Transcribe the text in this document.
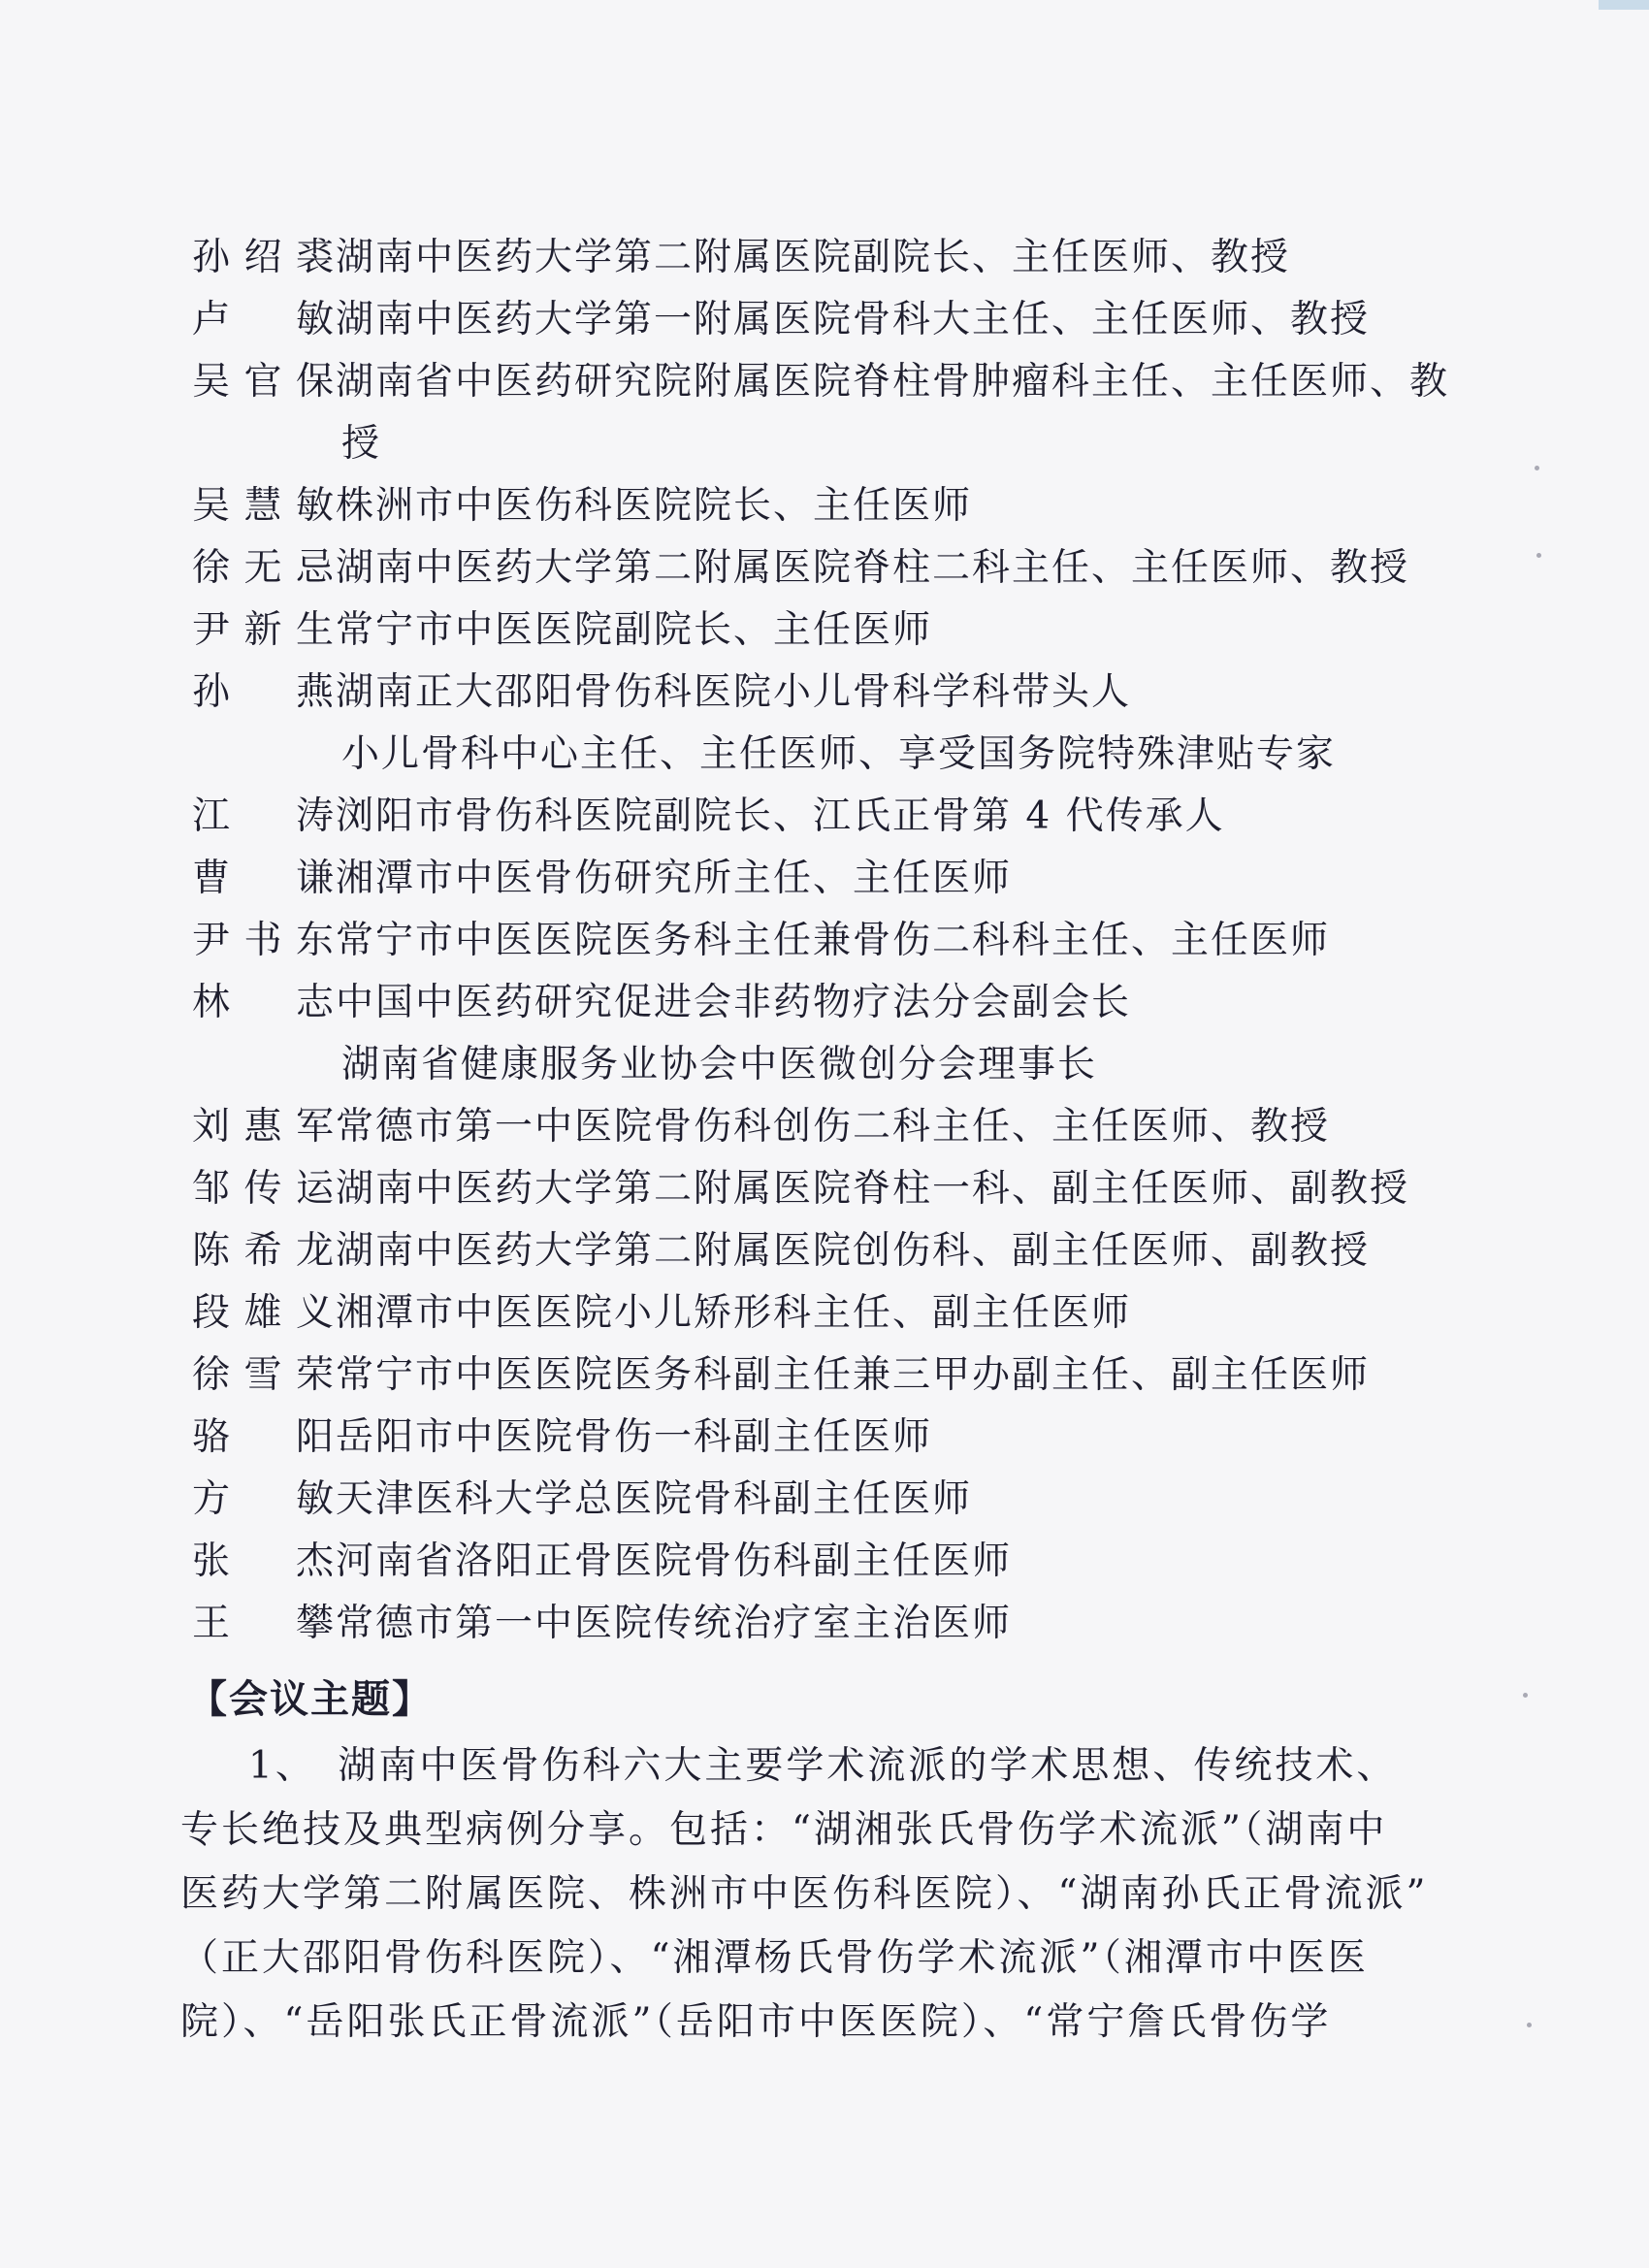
孙 绍 裘 湖南中医药大学第二附属医院副院长、主任医师、教授
卢 敏 湖南中医药大学第一附属医院骨科大主任、主任医师、教授
吴 官 保 湖南省中医药研究院附属医院脊柱骨肿瘤科主任、主任医师、教
授
吴 慧 敏 株洲市中医伤科医院院长、主任医师
徐 无 忌 湖南中医药大学第二附属医院脊柱二科主任、主任医师、教授
尹 新 生 常宁市中医医院副院长、主任医师
孙 燕 湖南正大邵阳骨伤科医院小儿骨科学科带头人
小儿骨科中心主任、主任医师、享受国务院特殊津贴专家
江 涛 浏阳市骨伤科医院副院长、江氏正骨第 4 代传承人
曹 谦 湘潭市中医骨伤研究所主任、主任医师
尹 书 东 常宁市中医医院医务科主任兼骨伤二科科主任、主任医师
林 志 中国中医药研究促进会非药物疗法分会副会长
湖南省健康服务业协会中医微创分会理事长
刘 惠 军 常德市第一中医院骨伤科创伤二科主任、主任医师、教授
邹 传 运 湖南中医药大学第二附属医院脊柱一科、副主任医师、副教授
陈 希 龙 湖南中医药大学第二附属医院创伤科、副主任医师、副教授
段 雄 义 湘潭市中医医院小儿矫形科主任、副主任医师
徐 雪 荣 常宁市中医医院医务科副主任兼三甲办副主任、副主任医师
骆 阳 岳阳市中医院骨伤一科副主任医师
方 敏 天津医科大学总医院骨科副主任医师
张 杰 河南省洛阳正骨医院骨伤科副主任医师
王 攀 常德市第一中医院传统治疗室主治医师
【会议主题】
1、　湖南中医骨伤科六大主要学术流派的学术思想、传统技术、
专长绝技及典型病例分享。包括：“湖湘张氏骨伤学术流派”（湖南中
医药大学第二附属医院、株洲市中医伤科医院）、“湖南孙氏正骨流派”
（正大邵阳骨伤科医院）、“湘潭杨氏骨伤学术流派”（湘潭市中医医
院）、“岳阳张氏正骨流派”（岳阳市中医医院）、“常宁詹氏骨伤学
